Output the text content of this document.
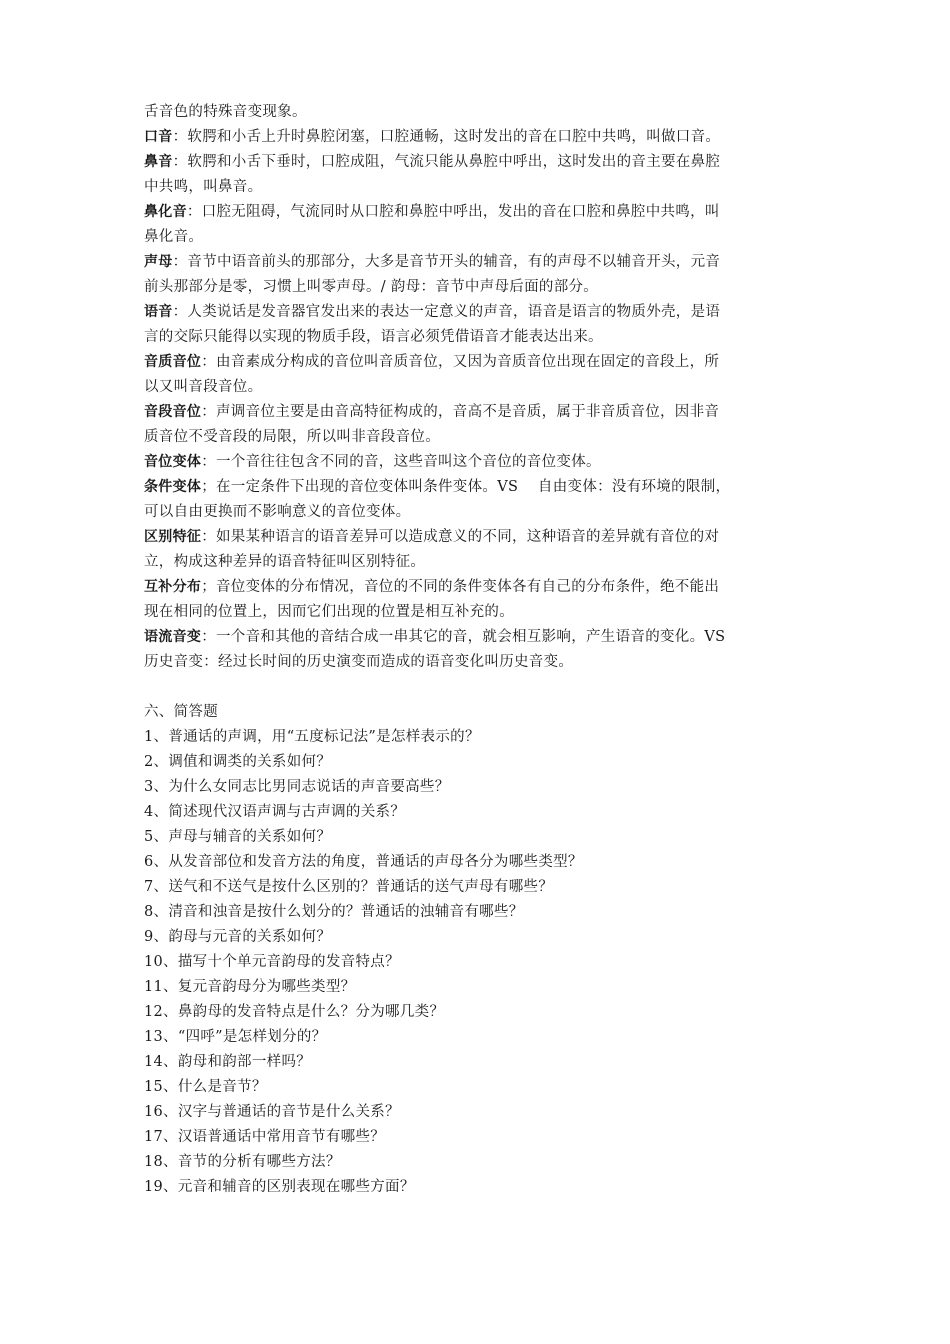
舌音色的特殊音变现象。
口音：软腭和小舌上升时鼻腔闭塞，口腔通畅，这时发出的音在口腔中共鸣，叫做口音。
鼻音：软腭和小舌下垂时，口腔成阻，气流只能从鼻腔中呼出，这时发出的音主要在鼻腔
中共鸣，叫鼻音。
鼻化音：口腔无阻碍，气流同时从口腔和鼻腔中呼出，发出的音在口腔和鼻腔中共鸣，叫
鼻化音。
声母：音节中语音前头的那部分，大多是音节开头的辅音，有的声母不以辅音开头，元音
前头那部分是零，习惯上叫零声母。/ 韵母：音节中声母后面的部分。
语音：人类说话是发音器官发出来的表达一定意义的声音，语音是语言的物质外壳，是语
言的交际只能得以实现的物质手段，语言必须凭借语音才能表达出来。
音质音位：由音素成分构成的音位叫音质音位，又因为音质音位出现在固定的音段上，所
以又叫音段音位。
音段音位：声调音位主要是由音高特征构成的，音高不是音质，属于非音质音位，因非音
质音位不受音段的局限，所以叫非音段音位。
音位变体：一个音往往包含不同的音，这些音叫这个音位的音位变体。
条件变体；在一定条件下出现的音位变体叫条件变体。VS　 自由变体：没有环境的限制，
可以自由更换而不影响意义的音位变体。
区别特征：如果某种语言的语音差异可以造成意义的不同，这种语音的差异就有音位的对
立，构成这种差异的语音特征叫区别特征。
互补分布；音位变体的分布情况，音位的不同的条件变体各有自己的分布条件，绝不能出
现在相同的位置上，因而它们出现的位置是相互补充的。
语流音变：一个音和其他的音结合成一串其它的音，就会相互影响，产生语音的变化。VS
历史音变：经过长时间的历史演变而造成的语音变化叫历史音变。
六、简答题
1、普通话的声调，用“五度标记法”是怎样表示的？
2、调值和调类的关系如何？
3、为什么女同志比男同志说话的声音要高些？
4、简述现代汉语声调与古声调的关系？
5、声母与辅音的关系如何？
6、从发音部位和发音方法的角度，普通话的声母各分为哪些类型？
7、送气和不送气是按什么区别的？普通话的送气声母有哪些？
8、清音和浊音是按什么划分的？普通话的浊辅音有哪些？
9、韵母与元音的关系如何？
10、描写十个单元音韵母的发音特点？
11、复元音韵母分为哪些类型？
12、鼻韵母的发音特点是什么？分为哪几类？
13、“四呼”是怎样划分的？
14、韵母和韵部一样吗？
15、什么是音节？
16、汉字与普通话的音节是什么关系？
17、汉语普通话中常用音节有哪些？
18、音节的分析有哪些方法？
19、元音和辅音的区别表现在哪些方面？
